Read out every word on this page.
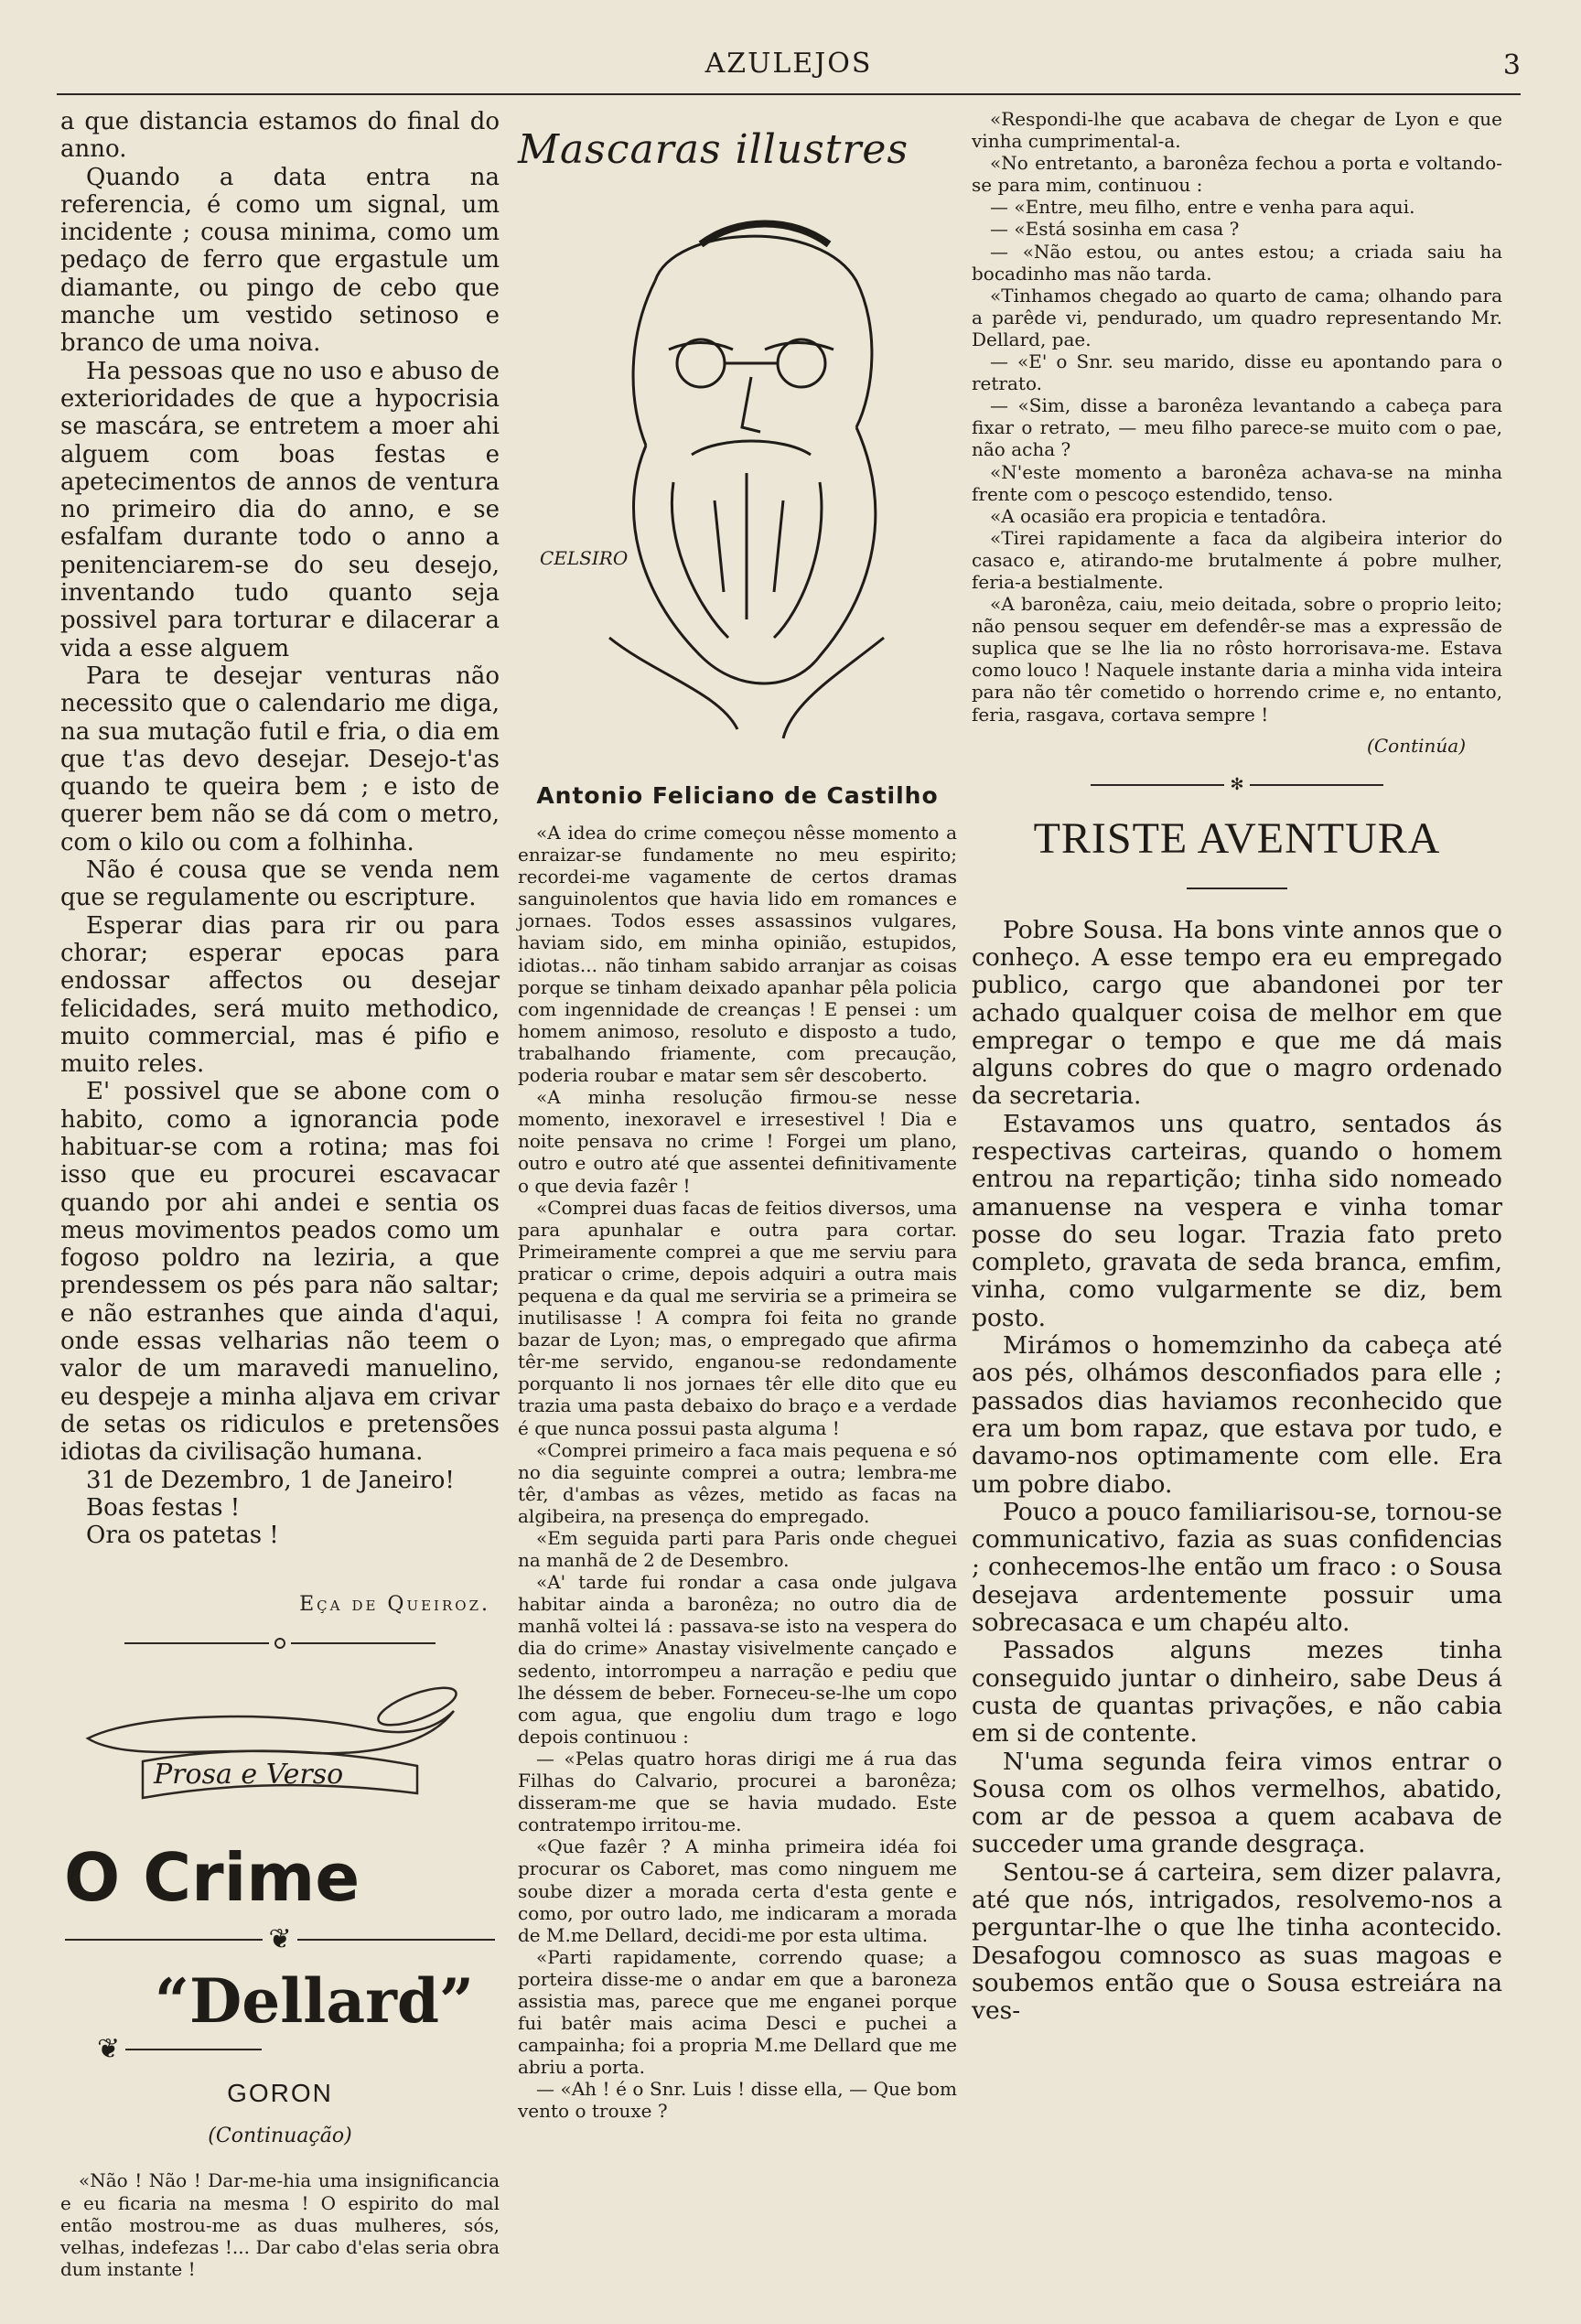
AZULEJOS	3

a que distancia estamos do final do anno.

Quando a data entra na referencia, é como um signal, um incidente ; cousa minima, como um pedaço de ferro que ergastule um diamante, ou pingo de cebo que manche um vestido setinoso e branco de uma noiva.

Ha pessoas que no uso e abuso de exterioridades de que a hypocrisia se mascára, se entretem a moer ahi alguem com boas festas e apetecimentos de annos de ventura no primeiro dia do anno, e se esfalfam durante todo o anno a penitenciarem-se do seu desejo, inventando tudo quanto seja possivel para torturar e dilacerar a vida a esse alguem

Para te desejar venturas não necessito que o calendario me diga, na sua mutação futil e fria, o dia em que t'as devo desejar. Desejo-t'as quando te queira bem ; e isto de querer bem não se dá com o metro, com o kilo ou com a folhinha.

Não é cousa que se venda nem que se regulamente ou escripture.

Esperar dias para rir ou para chorar; esperar epocas para endossar affectos ou desejar felicidades, será muito methodico, muito commercial, mas é pifio e muito reles.

E' possivel que se abone com o habito, como a ignorancia pode habituar-se com a rotina; mas foi isso que eu procurei escavacar quando por ahi andei e sentia os meus movimentos peados como um fogoso poldro na leziria, a que prendessem os pés para não saltar; e não estranhes que ainda d'aqui, onde essas velharias não teem o valor de um maravedi manuelino, eu despeje a minha aljava em crivar de setas os ridiculos e pretensões idiotas da civilisação humana.

31 de Dezembro, 1 de Janeiro!

Boas festas !

Ora os patetas !

Eça de Queiroz.
Prosa e Verso
O Crime
❦
“Dellard”
❦
GORON
(Continuação)

«Não ! Não ! Dar-me-hia uma insignificancia e eu ficaria na mesma ! O espirito do mal então mostrou-me as duas mulheres, sós, velhas, indefezas !... Dar cabo d'elas seria obra dum instante !

Mascaras illustres
CELSIRO
Antonio Feliciano de Castilho

«A idea do crime começou nêsse momento a enraizar-se fundamente no meu espirito; recordei-me vagamente de certos dramas sanguinolentos que havia lido em romances e jornaes. Todos esses assassinos vulgares, haviam sido, em minha opinião, estupidos, idiotas... não tinham sabido arranjar as coisas porque se tinham deixado apanhar pêla policia com ingennidade de creanças ! E pensei : um homem animoso, resoluto e disposto a tudo, trabalhando friamente, com precaução, poderia roubar e matar sem sêr descoberto.

«A minha resolução firmou-se nesse momento, inexoravel e irresestivel ! Dia e noite pensava no crime ! Forgei um plano, outro e outro até que assentei definitivamente o que devia fazêr !

«Comprei duas facas de feitios diversos, uma para apunhalar e outra para cortar. Primeiramente comprei a que me serviu para praticar o crime, depois adquiri a outra mais pequena e da qual me serviria se a primeira se inutilisasse ! A compra foi feita no grande bazar de Lyon; mas, o empregado que afirma têr-me servido, enganou-se redondamente porquanto li nos jornaes têr elle dito que eu trazia uma pasta debaixo do braço e a verdade é que nunca possui pasta alguma !

«Comprei primeiro a faca mais pequena e só no dia seguinte comprei a outra; lembra-me têr, d'ambas as vêzes, metido as facas na algibeira, na presença do empregado.

«Em seguida parti para Paris onde cheguei na manhã de 2 de Desembro.

«A' tarde fui rondar a casa onde julgava habitar ainda a baronêza; no outro dia de manhã voltei lá : passava-se isto na vespera do dia do crime» Anastay visivelmente cançado e sedento, intorrompeu a narração e pediu que lhe déssem de beber. Forneceu-se-lhe um copo com agua, que engoliu dum trago e logo depois continuou :

— «Pelas quatro horas dirigi me á rua das Filhas do Calvario, procurei a baronêza; disseram-me que se havia mudado. Este contratempo irritou-me.

«Que fazêr ? A minha primeira idéa foi procurar os Caboret, mas como ninguem me soube dizer a morada certa d'esta gente e como, por outro lado, me indicaram a morada de M.me Dellard, decidi-me por esta ultima.

«Parti rapidamente, correndo quase; a porteira disse-me o andar em que a baroneza assistia mas, parece que me enganei porque fui batêr mais acima Desci e puchei a campainha; foi a propria M.me Dellard que me abriu a porta.

— «Ah ! é o Snr. Luis ! disse ella, — Que bom vento o trouxe ?

«Respondi-lhe que acabava de chegar de Lyon e que vinha cumprimental-a.

«No entretanto, a baronêza fechou a porta e voltando-se para mim, continuou :

— «Entre, meu filho, entre e venha para aqui.

— «Está sosinha em casa ?

— «Não estou, ou antes estou; a criada saiu ha bocadinho mas não tarda.

«Tinhamos chegado ao quarto de cama; olhando para a parêde vi, pendurado, um quadro representando Mr. Dellard, pae.

— «E' o Snr. seu marido, disse eu apontando para o retrato.

— «Sim, disse a baronêza levantando a cabeça para fixar o retrato, — meu filho parece-se muito com o pae, não acha ?

«N'este momento a baronêza achava-se na minha frente com o pescoço estendido, tenso.

«A ocasião era propicia e tentadôra.

«Tirei rapidamente a faca da algibeira interior do casaco e, atirando-me brutalmente á pobre mulher, feria-a bestialmente.

«A baronêza, caiu, meio deitada, sobre o proprio leito; não pensou sequer em defendêr-se mas a expressão de suplica que se lhe lia no rôsto horrorisava-me. Estava como louco ! Naquele instante daria a minha vida inteira para não têr cometido o horrendo crime e, no entanto, feria, rasgava, cortava sempre !

(Continúa)
✻
TRISTE AVENTURA

Pobre Sousa. Ha bons vinte annos que o conheço. A esse tempo era eu empregado publico, cargo que abandonei por ter achado qualquer coisa de melhor em que empregar o tempo e que me dá mais alguns cobres do que o magro ordenado da secretaria.

Estavamos uns quatro, sentados ás respectivas carteiras, quando o homem entrou na repartição; tinha sido nomeado amanuense na vespera e vinha tomar posse do seu logar. Trazia fato preto completo, gravata de seda branca, emfim, vinha, como vulgarmente se diz, bem posto.

Mirámos o homemzinho da cabeça até aos pés, olhámos desconfiados para elle ; passados dias haviamos reconhecido que era um bom rapaz, que estava por tudo, e davamo-nos optimamente com elle. Era um pobre diabo.

Pouco a pouco familiarisou-se, tornou-se communicativo, fazia as suas confidencias ; conhecemos-lhe então um fraco : o Sousa desejava ardentemente possuir uma sobrecasaca e um chapéu alto.

Passados alguns mezes tinha conseguido juntar o dinheiro, sabe Deus á custa de quantas privações, e não cabia em si de contente.

N'uma segunda feira vimos entrar o Sousa com os olhos vermelhos, abatido, com ar de pessoa a quem acabava de succeder uma grande desgraça.

Sentou-se á carteira, sem dizer palavra, até que nós, intrigados, resolvemo-nos a perguntar-lhe o que lhe tinha acontecido. Desafogou comnosco as suas magoas e soubemos então que o Sousa estreiára na ves-
